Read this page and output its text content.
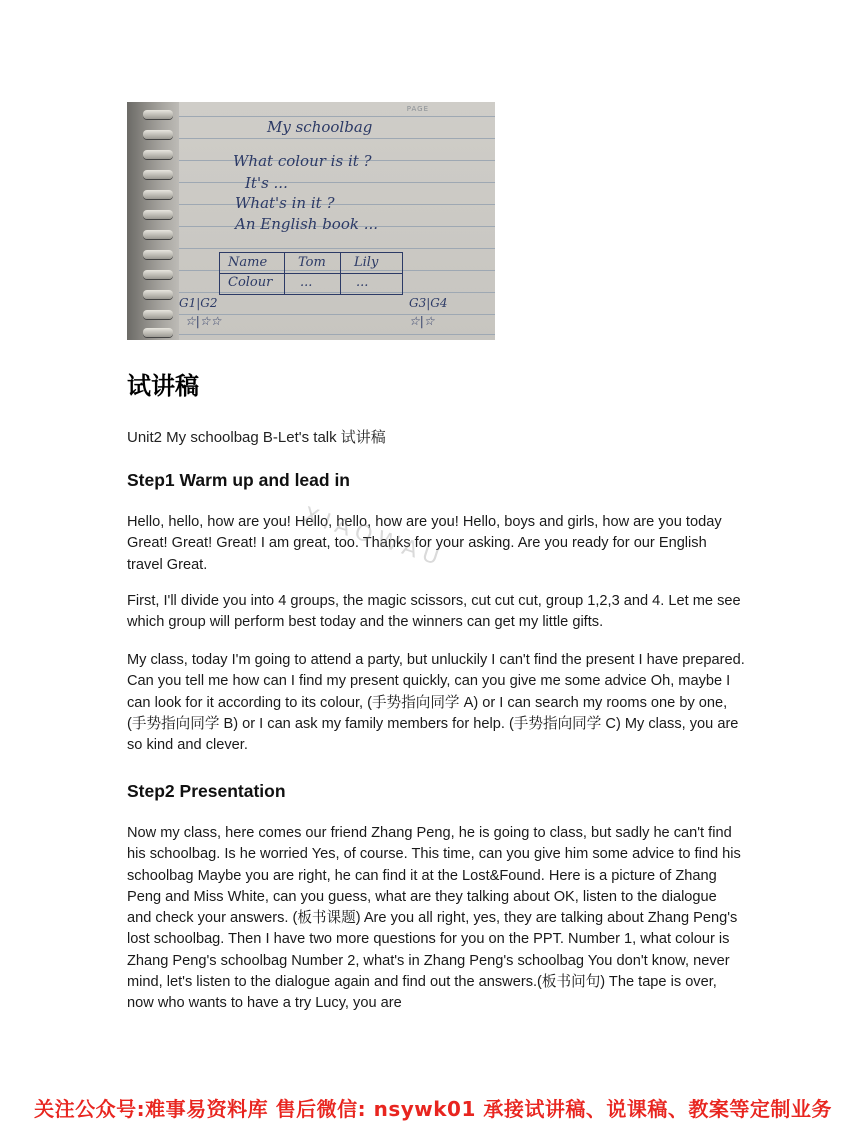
PAGE
My schoolbag
What colour is it ?
It's ...
What's in it ?
An English book ...
Name Tom Lily
Colour ...	...
G1|G2
☆|☆☆
G3|G4
☆|☆
试讲稿
Unit2 My schoolbag B-Let's talk 试讲稿
Step1 Warm up and lead in

Hello, hello, how are you! Hello, hello, how are you! Hello, boys and girls, how are you today Great! Great! Great! I am great, too. Thanks for your asking. Are you ready for our English travel Great.

First, I'll divide you into 4 groups, the magic scissors, cut cut cut, group 1,2,3 and 4. Let me see which group will perform best today and the winners can get my little gifts.

My class, today I'm going to attend a party, but unluckily I can't find the present I have prepared. Can you tell me how can I find my present quickly, can you give me some advice Oh, maybe I can look for it according to its colour, (手势指向同学 A) or I can search my rooms one by one, (手势指向同学 B) or I can ask my family members for help. (手势指向同学 C) My class, you are so kind and clever.

Step2 Presentation

Now my class, here comes our friend Zhang Peng, he is going to class, but sadly he can't find his schoolbag. Is he worried Yes, of course. This time, can you give him some advice to find his schoolbag Maybe you are right, he can find it at the Lost&Found. Here is a picture of Zhang Peng and Miss White, can you guess, what are they talking about OK, listen to the dialogue and check your answers. (板书课题) Are you all right, yes, they are talking about Zhang Peng's lost schoolbag. Then I have two more questions for you on the PPT. Number 1, what colour is Zhang Peng's schoolbag Number 2, what's in Zhang Peng's schoolbag You don't know, never mind, let's listen to the dialogue again and find out the answers.(板书问句) The tape is over, now who wants to have a try Lucy, you are

XIAOWAU
关注公众号:难事易资料库 售后微信: nsywk01 承接试讲稿、说课稿、教案等定制业务
